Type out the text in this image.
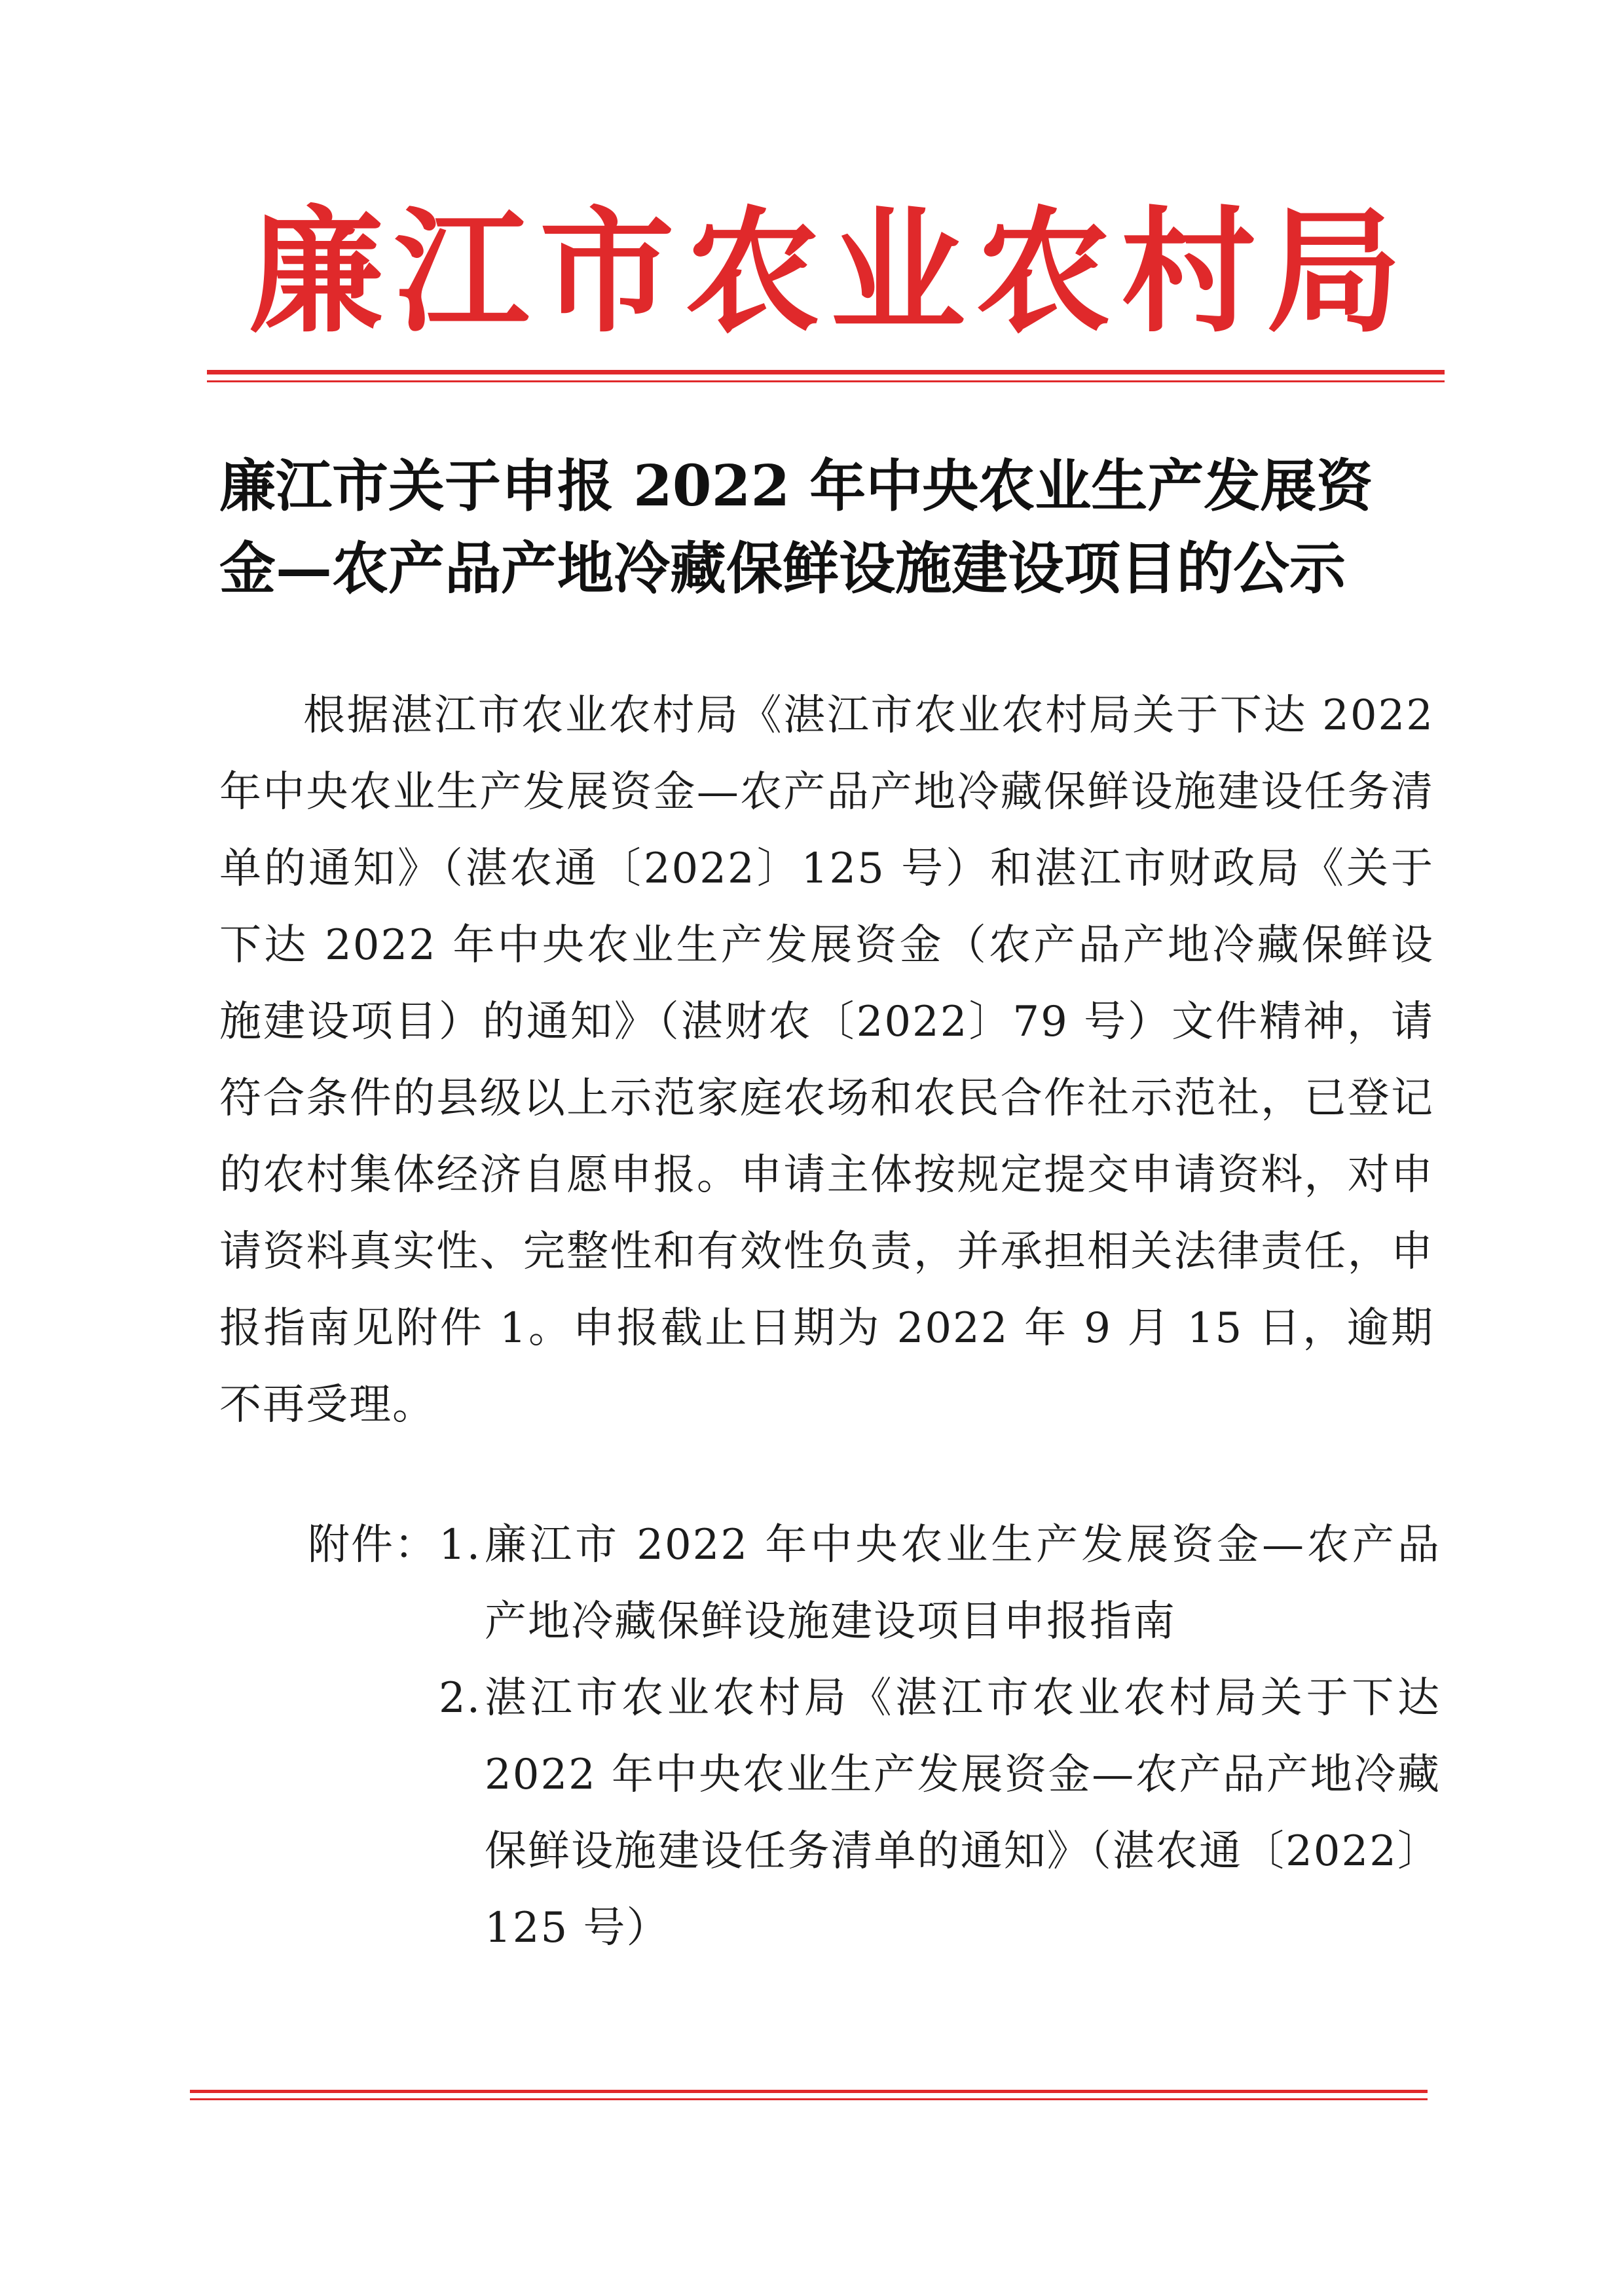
廉 江 市 农 业 农 村 局
廉江市关于申报 2022 年中央农业生产发展资
金—农产品产地冷藏保鲜设施建设项目的公示
根据湛江市农业农村局《湛江市农业农村局关于下达 2022 年中央农业生产发展资金—农产品产地冷藏保鲜设施建设任务清单的通知》（湛农通〔2022〕125 号）和湛江市财政局《关于下达 2022 年中央农业生产发展资金（农产品产地冷藏保鲜设施建设项目）的通知》（湛财农〔2022〕79 号）文件精神，请符合条件的县级以上示范家庭农场和农民合作社示范社，已登记的农村集体经济自愿申报。申请主体按规定提交申请资料，对申请资料真实性、完整性和有效性负责，并承担相关法律责任，申报指南见附件 1。申报截止日期为 2022 年 9 月 15 日，逾期不再受理。
附件： 1. 廉江市 2022 年中央农业生产发展资金—农产品产地冷藏保鲜设施建设项目申报指南
2. 湛江市农业农村局《湛江市农业农村局关于下达 2022 年中央农业生产发展资金—农产品产地冷藏保鲜设施建设任务清单的通知》（湛农通〔2022〕125 号）
